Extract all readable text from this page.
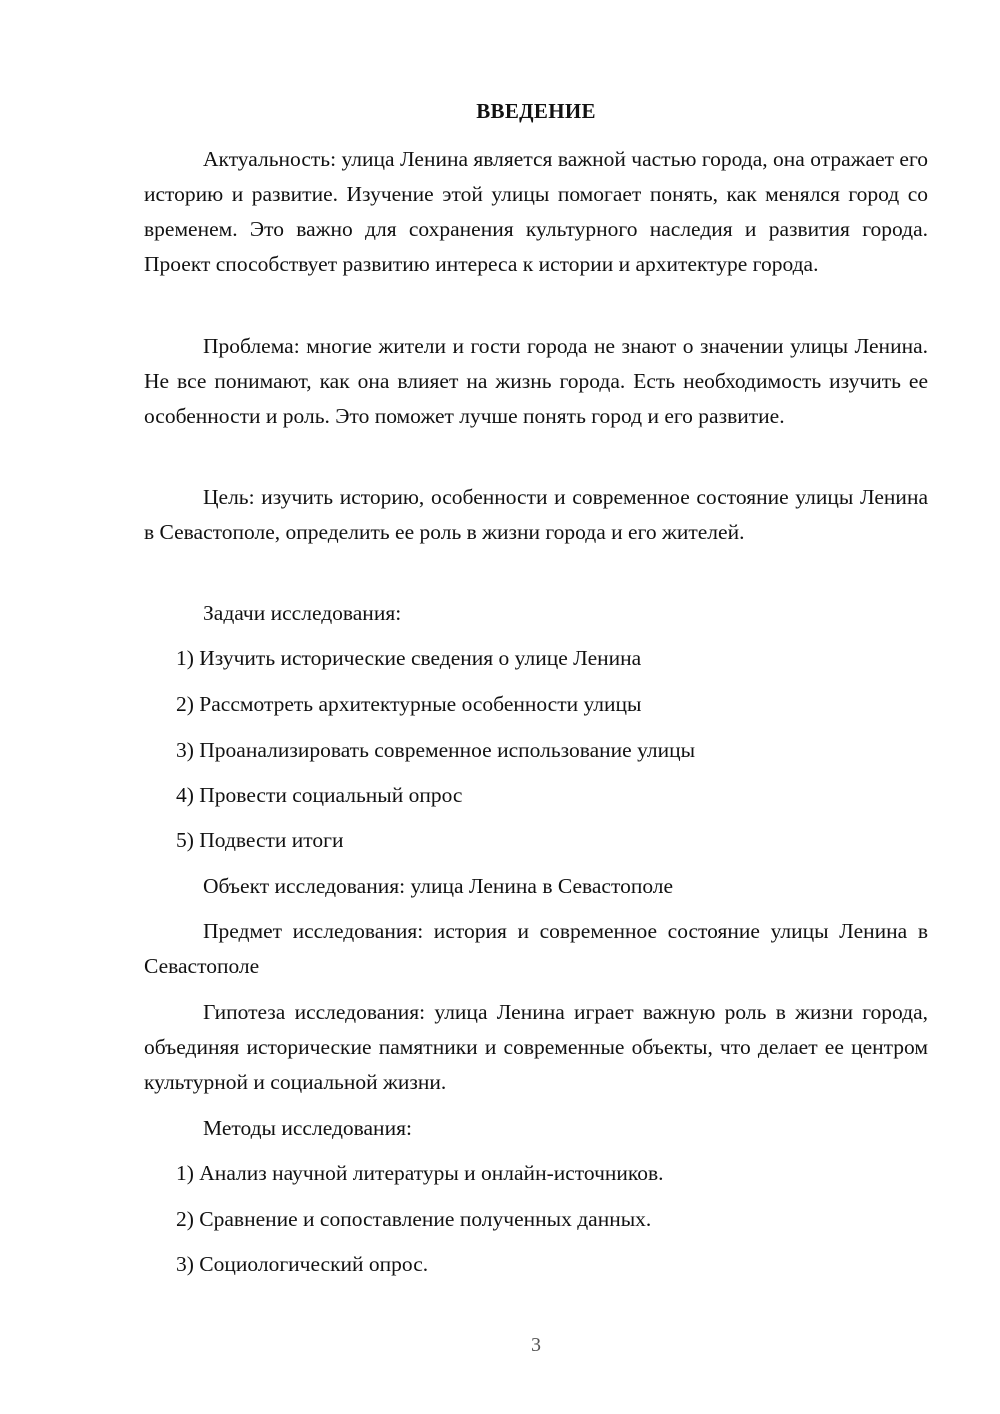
ВВЕДЕНИЕ

Актуальность: улица Ленина является важной частью города, она отражает его историю и развитие. Изучение этой улицы помогает понять, как менялся город со временем. Это важно для сохранения культурного наследия и развития города. Проект способствует развитию интереса к истории и архитектуре города.

Проблема: многие жители и гости города не знают о значении улицы Ленина. Не все понимают, как она влияет на жизнь города. Есть необходимость изучить ее особенности и роль. Это поможет лучше понять город и его развитие.

Цель: изучить историю, особенности и современное состояние улицы Ленина в Севастополе, определить ее роль в жизни города и его жителей.

Задачи исследования:
1) Изучить исторические сведения о улице Ленина
2) Рассмотреть архитектурные особенности улицы
3) Проанализировать современное использование улицы
4) Провести социальный опрос
5) Подвести итоги
Объект исследования: улица Ленина в Севастополе

Предмет исследования: история и современное состояние улицы Ленина в Севастополе

Гипотеза исследования: улица Ленина играет важную роль в жизни города, объединяя исторические памятники и современные объекты, что делает ее центром культурной и социальной жизни.

Методы исследования:
1) Анализ научной литературы и онлайн-источников.
2) Сравнение и сопоставление полученных данных.
3) Социологический опрос.
3
